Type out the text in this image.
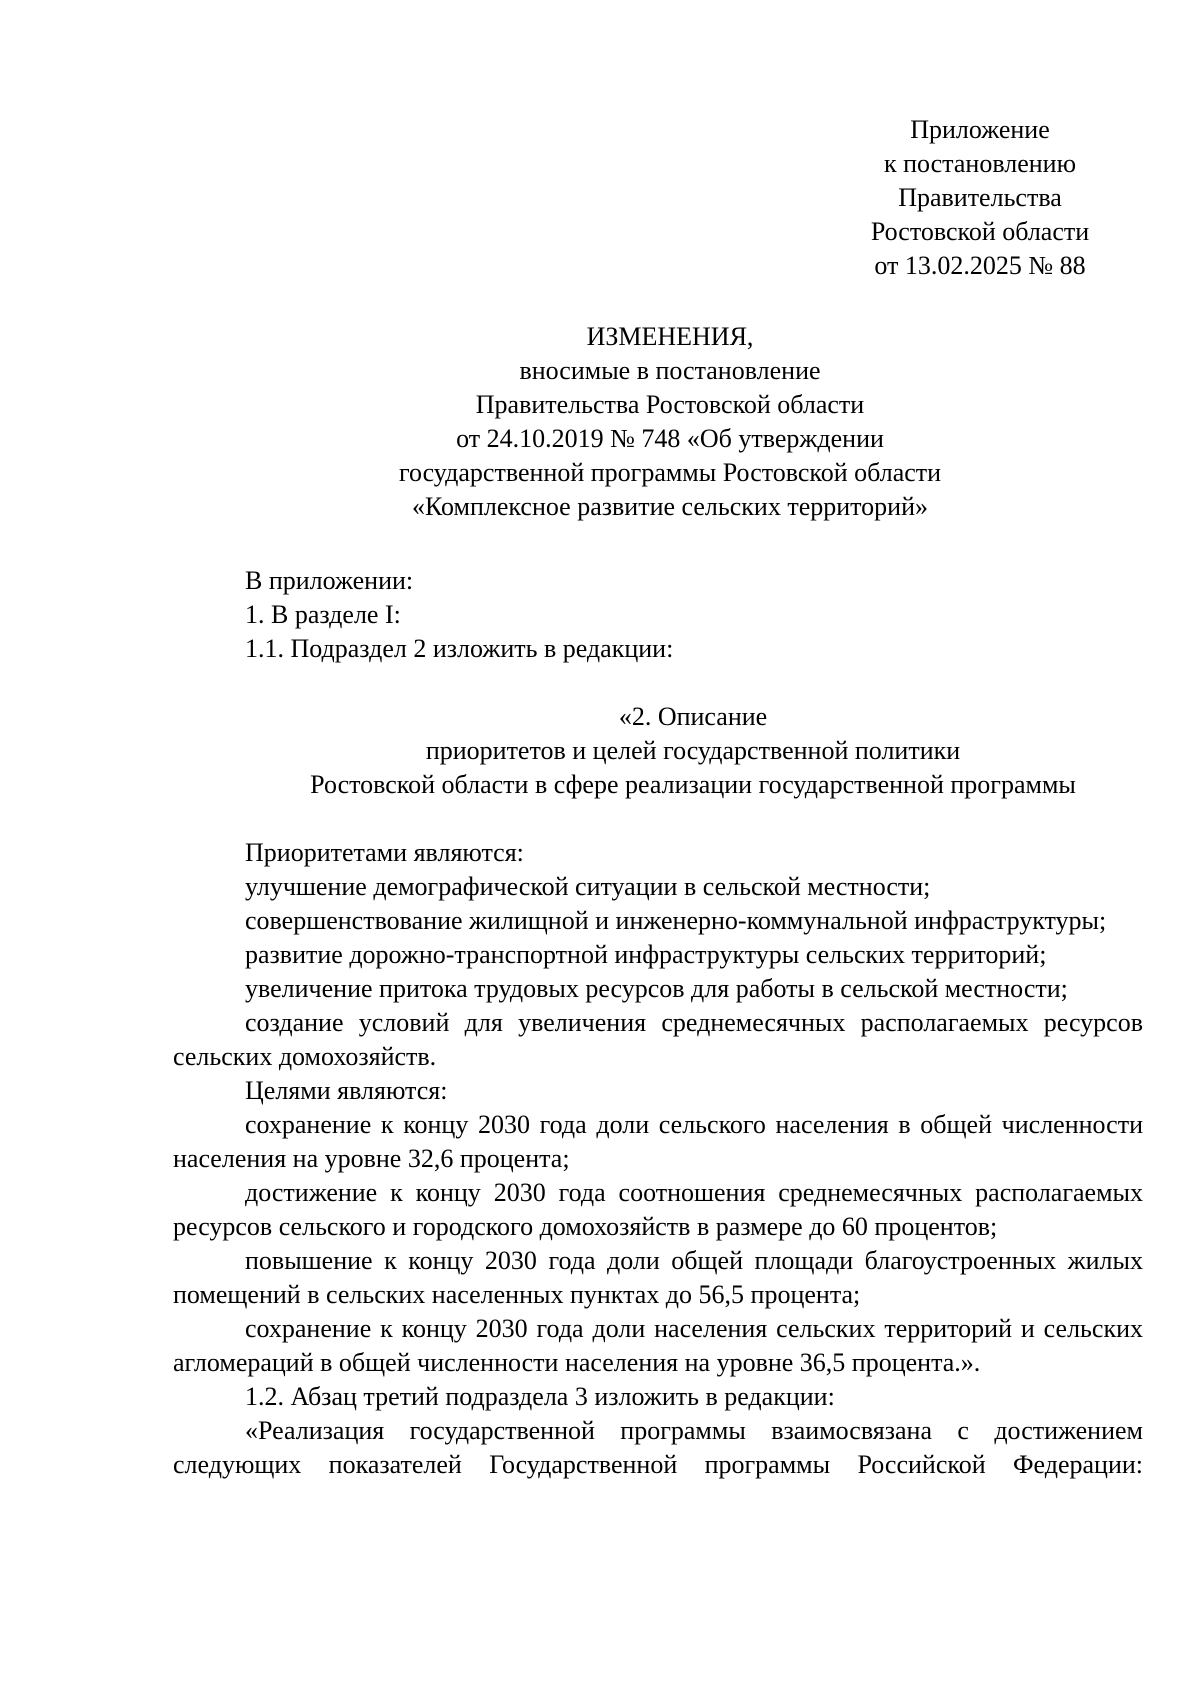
Приложение
к постановлению
Правительства
Ростовской области
от 13.02.2025 № 88
ИЗМЕНЕНИЯ,
вносимые в постановление
Правительства Ростовской области
от 24.10.2019 № 748 «Об утверждении
государственной программы Ростовской области
«Комплексное развитие сельских территорий»

В приложении:

1. В разделе I:

1.1. Подраздел 2 изложить в редакции:

«2. Описание
приоритетов и целей государственной политики
Ростовской области в сфере реализации государственной программы

Приоритетами являются:

улучшение демографической ситуации в сельской местности;

совершенствование жилищной и инженерно-коммунальной инфраструктуры;

развитие дорожно-транспортной инфраструктуры сельских территорий;

увеличение притока трудовых ресурсов для работы в сельской местности;

создание условий для увеличения среднемесячных располагаемых ресурсов сельских домохозяйств.

Целями являются:

сохранение к концу 2030 года доли сельского населения в общей численности населения на уровне 32,6 процента;

достижение к концу 2030 года соотношения среднемесячных располагаемых ресурсов сельского и городского домохозяйств в размере до 60 процентов;

повышение к концу 2030 года доли общей площади благоустроенных жилых помещений в сельских населенных пунктах до 56,5 процента;

сохранение к концу 2030 года доли населения сельских территорий и сельских агломераций в общей численности населения на уровне 36,5 процента.».

1.2. Абзац третий подраздела 3 изложить в редакции:

«Реализация государственной программы взаимосвязана с достижением следующих показателей Государственной программы Российской Федерации:
